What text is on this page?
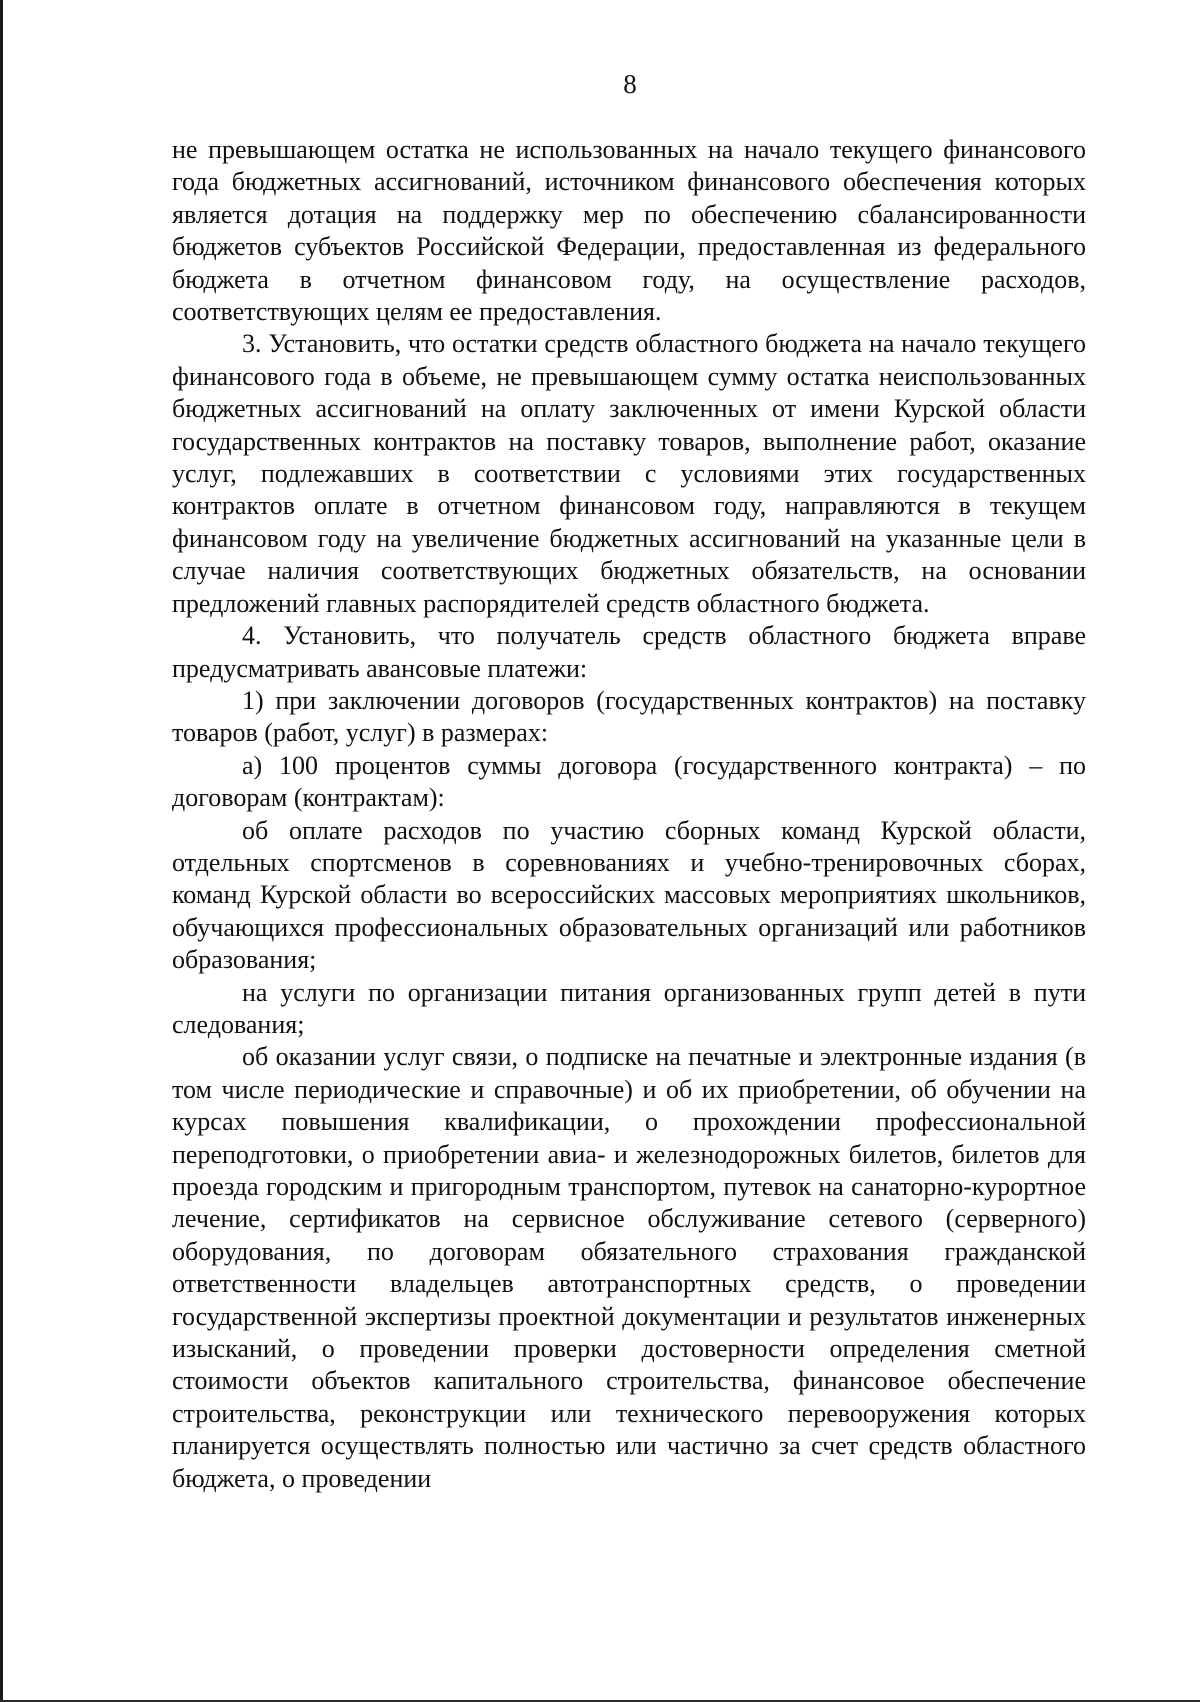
8

не превышающем остатка не использованных на начало текущего финансового года бюджетных ассигнований, источником финансового обеспечения которых является дотация на поддержку мер по обеспечению сбалансированности бюджетов субъектов Российской Федерации, предоставленная из федерального бюджета в отчетном финансовом году, на осуществление расходов, соответствующих целям ее предоставления.

3. Установить, что остатки средств областного бюджета на начало текущего финансового года в объеме, не превышающем сумму остатка неиспользованных бюджетных ассигнований на оплату заключенных от имени Курской области государственных контрактов на поставку товаров, выполнение работ, оказание услуг, подлежавших в соответствии с условиями этих государственных контрактов оплате в отчетном финансовом году, направляются в текущем финансовом году на увеличение бюджетных ассигнований на указанные цели в случае наличия соответствующих бюджетных обязательств, на основании предложений главных распорядителей средств областного бюджета.

4. Установить, что получатель средств областного бюджета вправе предусматривать авансовые платежи:

1) при заключении договоров (государственных контрактов) на поставку товаров (работ, услуг) в размерах:

а) 100 процентов суммы договора (государственного контракта) – по договорам (контрактам):

об оплате расходов по участию сборных команд Курской области, отдельных спортсменов в соревнованиях и учебно-тренировочных сборах, команд Курской области во всероссийских массовых мероприятиях школьников, обучающихся профессиональных образовательных организаций или работников образования;

на услуги по организации питания организованных групп детей в пути следования;

об оказании услуг связи, о подписке на печатные и электронные издания (в том числе периодические и справочные) и об их приобретении, об обучении на курсах повышения квалификации, о прохождении профессиональной переподготовки, о приобретении авиа- и железнодорожных билетов, билетов для проезда городским и пригородным транспортом, путевок на санаторно-курортное лечение, сертификатов на сервисное обслуживание сетевого (серверного) оборудования, по договорам обязательного страхования гражданской ответственности владельцев автотранспортных средств, о проведении государственной экспертизы проектной документации и результатов инженерных изысканий, о проведении проверки достоверности определения сметной стоимости объектов капитального строительства, финансовое обеспечение строительства, реконструкции или технического перевооружения которых планируется осуществлять полностью или частично за счет средств областного бюджета, о проведении
